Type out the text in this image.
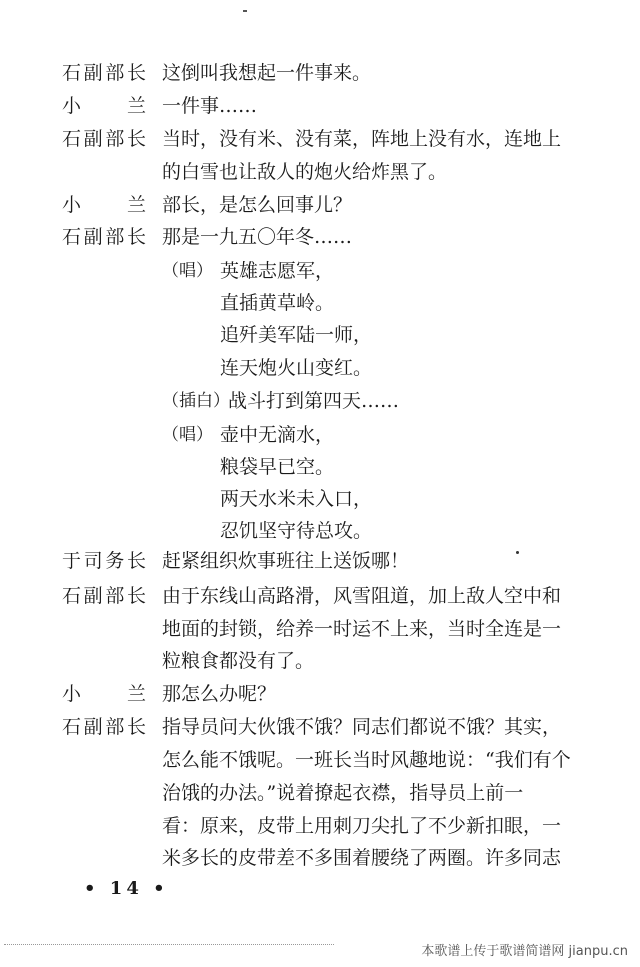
石副部长 这倒叫我想起一件事来。
小　兰 一件事……
石副部长 当时，没有米、没有菜，阵地上没有水，连地上
的白雪也让敌人的炮火给炸黑了。
小　兰 部长，是怎么回事儿？
石副部长 那是一九五〇年冬……
（唱） 英雄志愿军，
直插黄草岭。
追歼美军陆一师，
连天炮火山变红。
（插白）
战斗打到第四天……
（唱） 壶中无滴水，
粮袋早已空。
两天水米未入口，
忍饥坚守待总攻。
于司务长 赶紧组织炊事班往上送饭哪！
石副部长 由于东线山高路滑，风雪阻道，加上敌人空中和
地面的封锁，给养一时运不上来，当时全连是一
粒粮食都没有了。
小　兰 那怎么办呢？
石副部长 指导员问大伙饿不饿？同志们都说不饿？其实，
怎么能不饿呢。一班长当时风趣地说：“我们有个
治饿的办法。”说着撩起衣襟，指导员上前一
看：原来，皮带上用刺刀尖扎了不少新扣眼，一
米多长的皮带差不多围着腰绕了两圈。许多同志
• 14 •
本歌谱上传于歌谱简谱网 jianpu.cn
